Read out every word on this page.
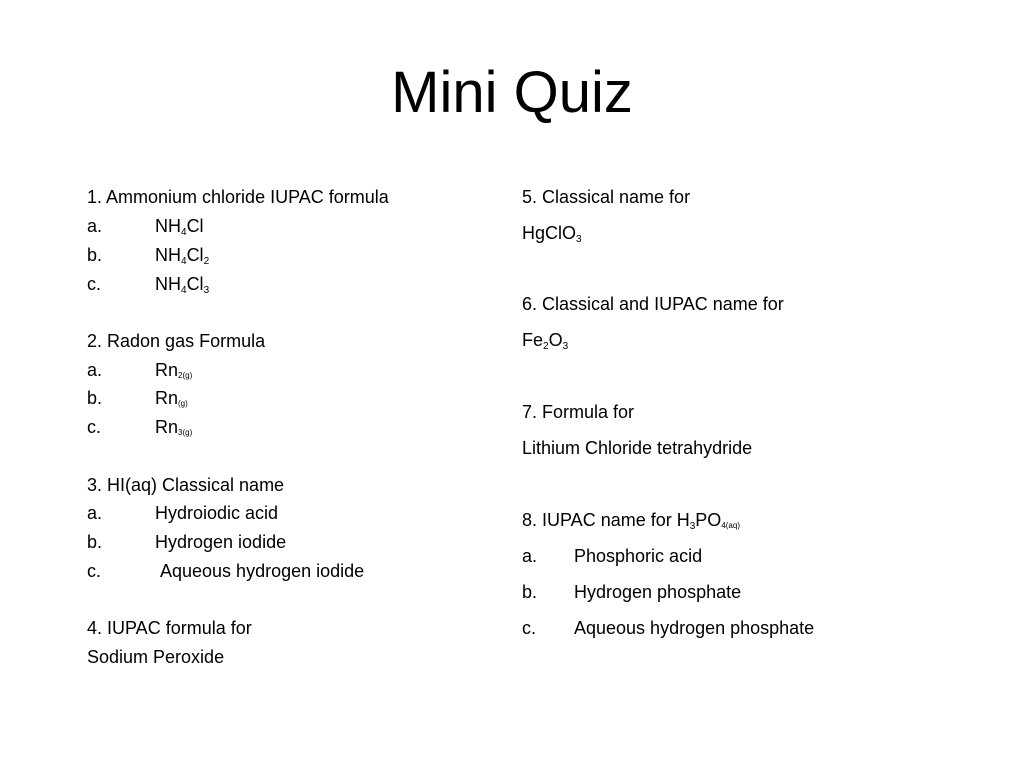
Mini Quiz
1. Ammonium chloride IUPAC formula
a.	$NH_4Cl$
b.	$NH_4Cl_2$
c.	$NH_4Cl_3$
2. Radon gas Formula
a.	$Rn_{2(g)}$
b.	$Rn_{(g)}$
c.	$Rn_{3(g)}$
3. HI(aq) Classical name
a.	Hydroiodic acid
b.	Hydrogen iodide
c.	Aqueous hydrogen iodide
4. IUPAC formula for
Sodium Peroxide
5. Classical name for
HgClO$_3$
6. Classical and IUPAC name for
$Fe_2O_3$
7. Formula for
Lithium Chloride tetrahydride
8. IUPAC name for $H_3PO_{4(aq)}$
a. Phosphoric acid
b. Hydrogen phosphate
c. Aqueous hydrogen phosphate
